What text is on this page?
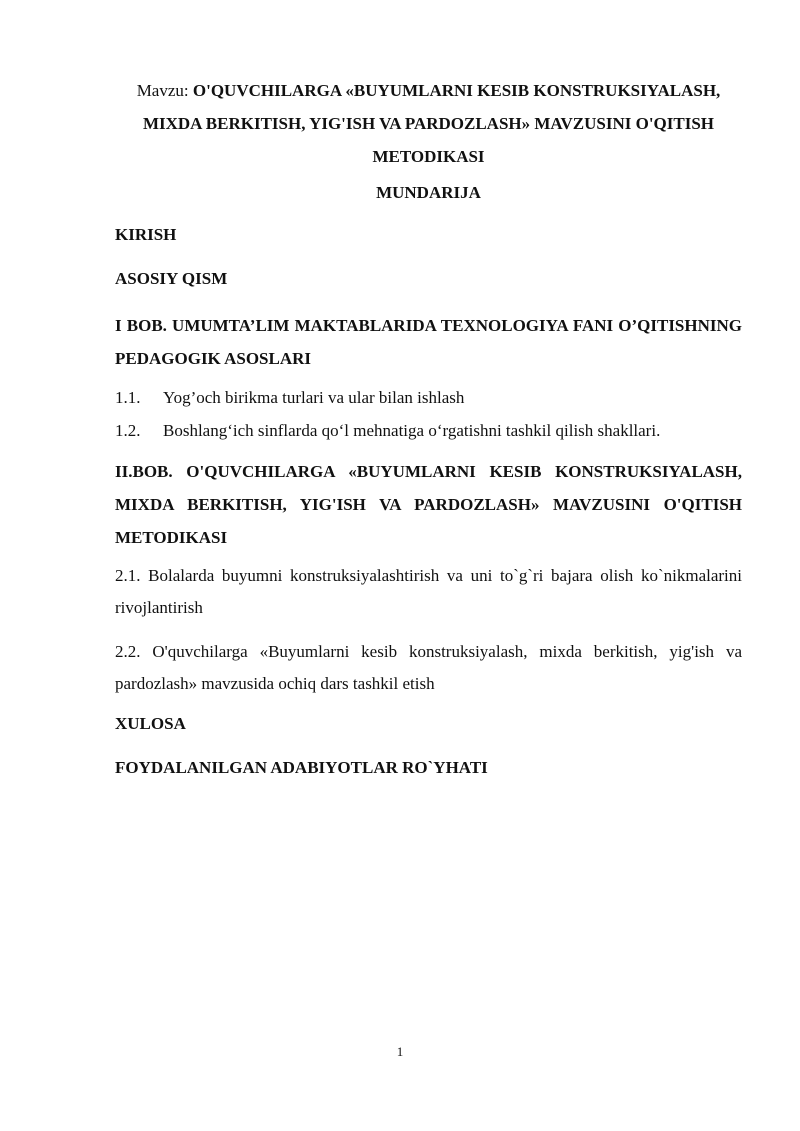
Mavzu: O'QUVCHILARGA «BUYUMLARNI KESIB KONSTRUKSIYALASH, MIXDA BERKITISH, YIG'ISH VA PARDOZLASH» MAVZUSINI O'QITISH METODIKASI

MUNDARIJA

KIRISH

ASOSIY QISM

I BOB. UMUMTA’LIM MAKTABLARIDA TEXNOLOGIYA FANI O’QITISHNING PEDAGOGIK ASOSLARI

1.1.	Yog’och birikma turlari va ular bilan ishlash
1.2.	Boshlang‘ich sinflarda qo‘l mehnatiga o‘rgatishni tashkil qilish shakllari.

II.BOB. O'QUVCHILARGA «BUYUMLARNI KESIB KONSTRUKSIYALASH, MIXDA BERKITISH, YIG'ISH VA PARDOZLASH» MAVZUSINI O'QITISH METODIKASI

2.1. Bolalarda buyumni konstruksiyalashtirish va uni to`g`ri bajara olish ko`nikmalarini rivojlantirish

2.2. O'quvchilarga «Buyumlarni kesib konstruksiyalash, mixda berkitish, yig'ish va pardozlash» mavzusida ochiq dars tashkil etish

XULOSA

FOYDALANILGAN ADABIYOTLAR RO`YHATI

1
